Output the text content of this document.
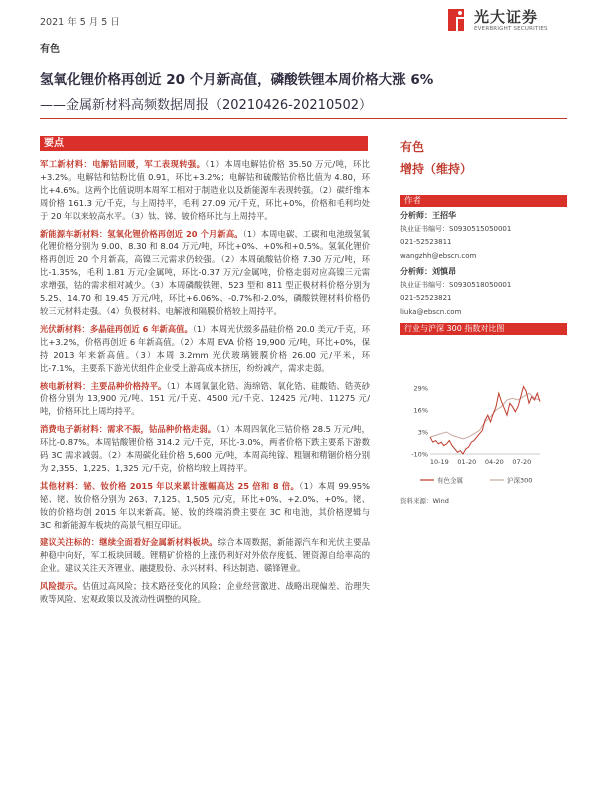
2021 年 5 月 5 日	光大证券
EVERBRIGHT SECURITIES
有色
氢氧化锂价格再创近 20 个月新高值，磷酸铁锂本周价格大涨 6%
——金属新材料高频数据周报（20210426-20210502）
要点

军工新材料：电解钴回暖，军工表现转强。（1）本周电解钴价格 35.50 万元/吨，环比+3.2%。电解钴和钴粉比值 0.91，环比+3.2%；电解钴和硫酸钴价格比值为 4.80，环比+4.6%。这两个比值说明本周军工相对于制造业以及新能源车表现转强。（2）碳纤维本周价格 161.3 元/千克，与上周持平，毛利 27.09 元/千克，环比+0%，价格和毛利均处于 20 年以来较高水平。（3）钛、锑、铍价格环比与上周持平。

新能源车新材料：氢氧化锂价格再创近 20 个月新高。（1）本周电碳、工碳和电池级氢氧化锂价格分别为 9.00、8.30 和 8.04 万元/吨，环比+0%、+0%和+0.5%。氢氧化锂价格再创近 20 个月新高，高镍三元需求仍较强。（2）本周硫酸钴价格 7.30 万元/吨，环比-1.35%，毛利 1.81 万元/金属吨，环比-0.37 万元/金属吨，价格走弱对应高镍三元需求增强，钴的需求相对减少。（3）本周磷酸铁锂、523 型和 811 型正极材料价格分别为 5.25、14.70 和 19.45 万元/吨，环比+6.06%、-0.7%和-2.0%，磷酸铁锂材料价格仍较三元材料走强。（4）负极材料、电解液和隔膜价格较上周持平。

光伏新材料：多晶硅再创近 6 年新高值。（1）本周光伏级多晶硅价格 20.0 美元/千克，环比+3.2%，价格再创近 6 年新高值。（2）本周 EVA 价格 19,900 元/吨，环比+0%，保持 2013 年来新高值。（3）本周 3.2mm 光伏玻璃镀膜价格 26.00 元/平米，环比-7.1%，主要系下游光伏组件企业受上游高成本挤压，纷纷减产，需求走弱。

核电新材料：主要品种价格持平。（1）本周氧氯化锆、海绵锆、氧化锆、硅酸锆、锆英砂价格分别为 13,900 元/吨、151 元/千克、4500 元/千克、12425 元/吨、11275 元/吨，价格环比上周均持平。

消费电子新材料：需求不振，钴品种价格走弱。（1）本周四氧化三钴价格 28.5 万元/吨，环比-0.87%。本周钴酸锂价格 314.2 元/千克，环比-3.0%，两者价格下跌主要系下游数码 3C 需求减弱。（2）本周碳化硅价格 5,600 元/吨，本周高纯镓、粗锢和精锢价格分别为 2,355、1,225、1,325 元/千克，价格均较上周持平。

其他材料：铋、钕价格 2015 年以来累计涨幅高达 25 倍和 8 倍。（1）本周 99.95%铋、铑、钕价格分别为 263、7,125、1,505 元/克，环比+0%、+2.0%、+0%。铑、钕的价格均创 2015 年以来新高。铋、钕的终端消费主要在 3C 和电池，其价格逻辑与 3C 和新能源车板块的高景气相互印证。

建议关注标的：继续全面看好金属新材料板块。综合本周数据，新能源汽车和光伏主要品种稳中向好，军工板块回暖。锂精矿价格的上涨仍利好对外依存度低、锂资源自给率高的企业。建议关注天齐锂业、融捷股份、永兴材料、科达制造、赣锋锂业。

风险提示。估值过高风险；技术路径变化的风险；企业经营激进、战略出现偏差、治理失败等风险、宏观政策以及流动性调整的风险。

有色
增持（维持）
作者
分析师：王招华
执业证书编号：S0930515050001
021-52523811
wangzhh@ebscn.com
分析师：刘慎昂
执业证书编号：S0930518050001
021-52523821
liuka@ebscn.com
行业与沪深 300 指数对比图
29%
16%
3%
-10%
10-19 01-20 04-20 07-20
有色金属	沪深300
资料来源：Wind
